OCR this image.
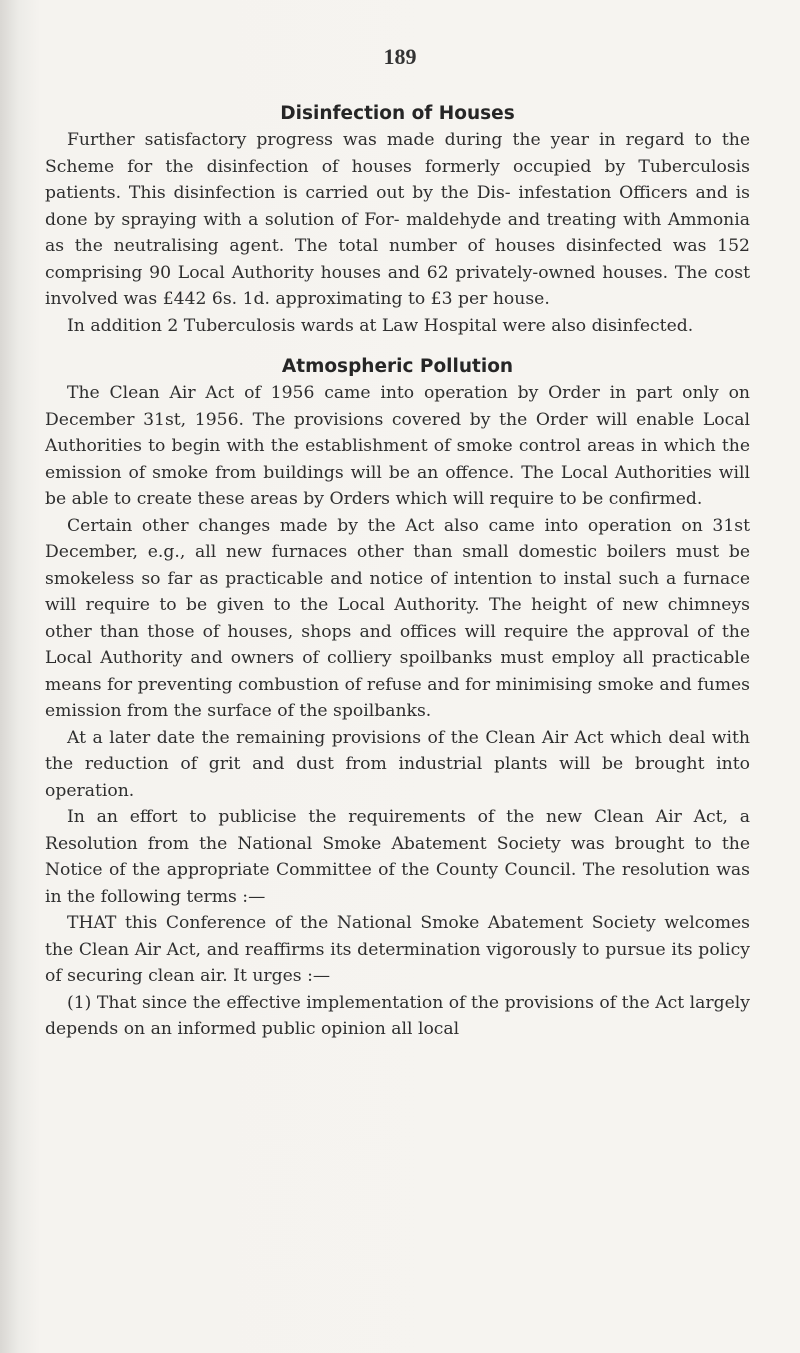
189
Disinfection of Houses

Further satisfactory progress was made during the year in regard to the Scheme for the disinfection of houses formerly occupied by Tuberculosis patients. This disinfection is carried out by the Dis- infestation Officers and is done by spraying with a solution of For- maldehyde and treating with Ammonia as the neutralising agent. The total number of houses disinfected was 152 comprising 90 Local Authority houses and 62 privately-owned houses. The cost involved was £442 6s. 1d. approximating to £3 per house.

In addition 2 Tuberculosis wards at Law Hospital were also disinfected.

Atmospheric Pollution

The Clean Air Act of 1956 came into operation by Order in part only on December 31st, 1956. The provisions covered by the Order will enable Local Authorities to begin with the establishment of smoke control areas in which the emission of smoke from buildings will be an offence. The Local Authorities will be able to create these areas by Orders which will require to be confirmed.

Certain other changes made by the Act also came into operation on 31st December, e.g., all new furnaces other than small domestic boilers must be smokeless so far as practicable and notice of intention to instal such a furnace will require to be given to the Local Authority. The height of new chimneys other than those of houses, shops and offices will require the approval of the Local Authority and owners of colliery spoilbanks must employ all practicable means for preventing combustion of refuse and for minimising smoke and fumes emission from the surface of the spoilbanks.

At a later date the remaining provisions of the Clean Air Act which deal with the reduction of grit and dust from industrial plants will be brought into operation.

In an effort to publicise the requirements of the new Clean Air Act, a Resolution from the National Smoke Abatement Society was brought to the Notice of the appropriate Committee of the County Council. The resolution was in the following terms :—

THAT this Conference of the National Smoke Abatement Society welcomes the Clean Air Act, and reaffirms its determination vigorously to pursue its policy of securing clean air. It urges :—

(1) That since the effective implementation of the provisions of the Act largely depends on an informed public opinion all local
